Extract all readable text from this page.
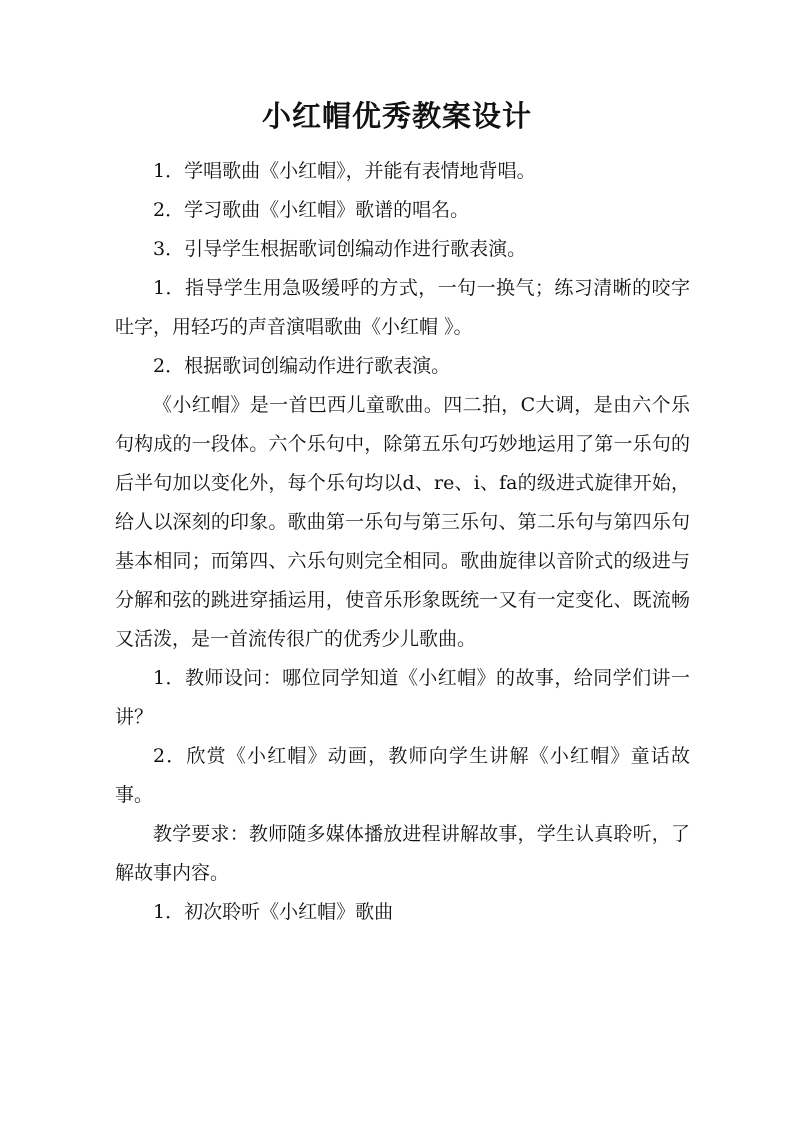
小红帽优秀教案设计

1．学唱歌曲《小红帽》，并能有表情地背唱。

2．学习歌曲《小红帽》歌谱的唱名。

3．引导学生根据歌词创编动作进行歌表演。

1．指导学生用急吸缓呼的方式，一句一换气；练习清晰的咬字吐字，用轻巧的声音演唱歌曲《小红帽 》。

2．根据歌词创编动作进行歌表演。

《小红帽》是一首巴西儿童歌曲。四二拍，C大调，是由六个乐句构成的一段体。六个乐句中，除第五乐句巧妙地运用了第一乐句的后半句加以变化外，每个乐句均以d、re、i、fa的级进式旋律开始，给人以深刻的印象。歌曲第一乐句与第三乐句、第二乐句与第四乐句基本相同；而第四、六乐句则完全相同。歌曲旋律以音阶式的级进与分解和弦的跳进穿插运用，使音乐形象既统一又有一定变化、既流畅又活泼，是一首流传很广的优秀少儿歌曲。

1．教师设问：哪位同学知道《小红帽》的故事，给同学们讲一讲？

2．欣赏《小红帽》动画，教师向学生讲解《小红帽》童话故事。

教学要求：教师随多媒体播放进程讲解故事，学生认真聆听，了解故事内容。

1．初次聆听《小红帽》歌曲
